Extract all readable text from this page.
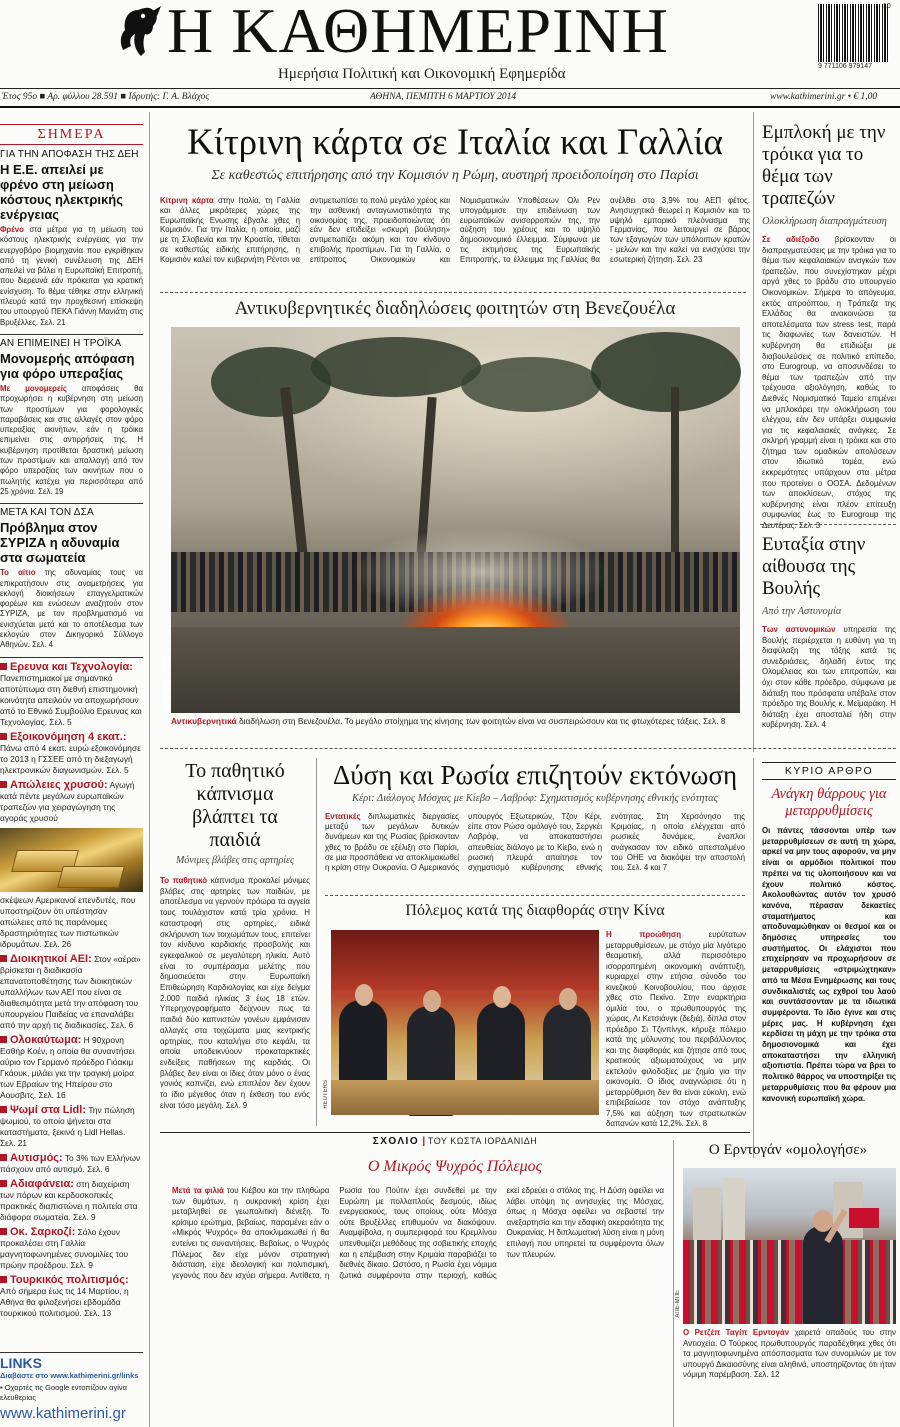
Η ΚΑΘΗΜΕΡΙΝΗ
Ημερήσια Πολιτική και Οικονομική Εφημερίδα	9 771106 979147
10
Έτος 95ο ■ Αρ. φύλλου 28.591 ■ Ιδρυτής: Γ. Α. Βλάχος	ΑΘΗΝΑ, ΠΕΜΠΤΗ 6 ΜΑΡΤΙΟΥ 2014	www.kathimerini.gr • € 1,00
ΣΗΜΕΡΑ
ΓΙΑ ΤΗΝ ΑΠΟΦΑΣΗ ΤΗΣ ΔΕΗ
Η Ε.Ε. απειλεί με φρένο στη μείωση κόστους ηλεκτρικής ενέργειας
Φρένο στα μέτρα για τη μείωση του κόστους ηλεκτρικής ενέργειας για την ενεργοβόρο βιομηχανία που εγκρίθηκαν από τη γενική συνέλευση της ΔΕΗ απειλεί να βάλει η Ευρωπαϊκή Επιτροπή, που διερευνά εάν πρόκειται για κρατική ενίσχυση. Το θέμα τέθηκε στην ελληνική πλευρά κατά την προχθεσινή επίσκεψη του υπουργού ΠΕΚΑ Γιάννη Μανιάτη στις Βρυξέλλες. Σελ. 21
ΑΝ ΕΠΙΜΕΙΝΕΙ Η ΤΡΟΪΚΑ
Μονομερής απόφαση για φόρο υπεραξίας
Με μονομερείς αποφάσεις θα προχωρήσει η κυβέρνηση στη μείωση των προστίμων για φορολογικές παραβάσεις και στις αλλαγές στον φόρο υπεραξίας ακινήτων, εάν η τρόικα επιμείνει στις αντιρρήσεις της. Η κυβέρνηση προτίθεται δραστική μείωση των προστίμων και απαλλαγή από τον φόρο υπεραξίας των ακινήτων που ο πωλητής κατέχει για περισσότερα από 25 χρόνια. Σελ. 19
ΜΕΤΑ ΚΑΙ ΤΟΝ ΔΣΑ
Πρόβλημα στον ΣΥΡΙΖΑ η αδυναμία στα σωματεία
Το αίτιο της αδυναμίας τους να επικρατήσουν στις αναμετρήσεις για εκλογή διοικήσεων επαγγελματικών φορέων και ενώσεων αναζητούν στον ΣΥΡΙΖΑ, με τον προβληματισμό να ενισχύεται μετά και το αποτέλεσμα των εκλογών στον Δικηγορικό Σύλλογο Αθηνών. Σελ. 4
Ερευνα και Τεχνολογία: Πανεπιστημιακοί με σημαντικό αποτύπωμα στη διεθνή επιστημονική κοινότητα απειλούν να αποχωρήσουν από το Εθνικό Συμβούλιο Ερευνας και Τεχνολογίας. Σελ. 5
Εξοικονόμηση 4 εκατ.: Πάνω από 4 εκατ. ευρώ εξοικονόμησε το 2013 η ΓΣΣΕΕ από τη διεξαγωγή ηλεκτρονικών διαγωνισμών. Σελ. 5
Απώλειες χρυσού: Αγωγή κατά πέντε μεγάλων ευρωπαϊκών τραπεζών για χειραγώγηση της αγοράς χρυσού
σκέψεων Αμερικανοί επενδυτές, που υποστηρίζουν ότι υπέστησαν απώλειες από τις παράνομες δραστηριότητες των πιστωτικών ιδρυμάτων. Σελ. 26
Διοικητικοί ΑΕΙ: Στον «αέρα» βρίσκεται η διαδικασία επανατοποθέτησης των διοικητικών υπαλλήλων των ΑΕΙ που είναι σε διαθεσιμότητα μετά την απόφαση του υπουργείου Παιδείας να επαναλάβει από την αρχή τις διαδικασίες. Σελ. 6
Ολοκαύτωμα: Η 90χρονη Εσθήρ Κοέν, η οποία θα συναντήσει αύριο τον Γερμανό πρόεδρο Γιόακιμ Γκάουκ, μιλάει για την τραγική μοίρα των Εβραίων της Ηπείρου στο Αουσβιτς. Σελ. 16
Ψωμί στα Lidl: Την πώληση ψωμιού, το οποίο ψήνεται στα καταστήματα, ξεκινά η Lidl Hellas. Σελ. 21
Αυτισμός: Το 3% των Ελλήνων πάσχουν από αυτισμό. Σελ. 6
Αδιαφάνεια: στη διαχείριση των πόρων και κερδοσκοπικές πρακτικές διαπιστώνει η πολιτεία στα διάφορα σωματεία. Σελ. 9
Οκ. Σαρκοζί: Σάλο έχουν προκαλέσει στη Γαλλία μαγνητοφωνημένες συνομιλίες του πρώην προέδρου. Σελ. 9
Τουρκικός πολιτισμός: Από σήμερα έως τις 14 Μαρτίου, η Αθήνα θα φιλοξενήσει εβδομάδα τουρκικού πολιτισμού. Σελ. 13
LINKS
Διαβάστε στο www.kathimerini.gr/links
• Οχαρτές τις Google εντοπίζουν αγίνα ελευθερίας
www.kathimerini.gr
Κίτρινη κάρτα σε Ιταλία και Γαλλία
Σε καθεστώς επιτήρησης από την Κομισιόν η Ρώμη, αυστηρή προειδοποίηση στο Παρίσι
Κίτρινη κάρτα στην Ιταλία, τη Γαλλία και άλλες μικρότερες χώρες της Ευρωπαϊκής Ενωσης έβγαλε χθες η Κομισιόν. Για την Ιταλία, η οποία, μαζί με τη Σλοβενία και την Κροατία, τίθεται σε καθεστώς ειδικής επιτήρησης, η Κομισιόν καλεί τον κυβερνήτη Ρέντσι να αντιμετωπίσει το πολύ μεγάλο χρέος και την ασθενική ανταγωνιστικότητα της οικονομίας της, προειδοποιώντας ότι εάν δεν επιδείξει «σκυρή βούληση» αντιμετωπίζει ακόμη και τον κίνδυνο επιβολής προστίμων. Για τη Γαλλία, ο επίτροπος Οικονομικών και Νομισματικών Υποθέσεων Ολι Ρεν υπογράμμισε την επιδείνωση των ευρωπαϊκών ανισορροπιών της, την αύξηση του χρέους και το υψηλό δημοσιονομικό έλλειμμα. Σύμφωνα με τις εκτιμήσεις της Ευρωπαϊκής Επιτροπής, το έλλειμμα της Γαλλίας θα ανέλθει στο 3,9% του ΑΕΠ φέτος. Ανησυχητικά θεωρεί η Κομισιόν και το υψηλό εμπορικό πλεόνασμα της Γερμανίας, που λειτουργεί σε βάρος των εξαγωγών των υπόλοιπων κρατών - μελών και την καλεί να ενισχύσει την εσωτερική ζήτηση. Σελ. 23
Αντικυβερνητικές διαδηλώσεις φοιτητών στη Βενεζουέλα
ASSOCIATED PRESS
Αντικυβερνητικά διαδήλωση στη Βενεζουέλα. Το μεγάλο στοίχημα της κίνησης των φοιτητών είναι να συσπειρώσουν και τις φτωχότερες τάξεις. Σελ. 8
Εμπλοκή με την τρόικα για το θέμα των τραπεζών
Ολοκλήρωση διαπραγμάτευση
Σε αδιέξοδο βρίσκονταν οι διαπραγματεύσεις με την τρόικα για το θέμα των κεφαλαιακών αναγκών των τραπεζών, που συνεχίστηκαν μέχρι αργά χθες το βράδυ στο υπουργείο Οικονομικών. Σήμερα το απόγευμα, εκτός απροόπτου, η Τράπεζα της Ελλάδος θα ανακοινώσει τα αποτελέσματα των stress test, παρά τις διαφωνίες των δανειστών. Η κυβέρνηση θα επιδιώξει με διαβουλεύσεις σε πολιτικό επίπεδο, στο Eurogroup, να αποσυνδέσει το θέμα των τραπεζών από την τρέχουσα αξιολόγηση, καθώς το Διεθνές Νομισματικό Ταμείο επιμένει να μπλοκάρει την ολοκλήρωση του ελέγχου, εάν δεν υπάρξει συμφωνία για τις κεφαλαιακές ανάγκες. Σε σκληρή γραμμή είναι η τρόικα και στο ζήτημα των ομαδικών απολύσεων στον ιδιωτικό τομέα, ενώ εκκρεμότητες υπάρχουν στα μέτρα που προτείνει ο ΟΟΣΑ. Δεδομένων των αποκλίσεων, στόχος της κυβέρνησης είναι πλέον επίτευξη συμφωνίας έως το Eurogroup της Δευτέρας. Σελ. 3
Ευταξία στην αίθουσα της Βουλής
Από την Αστυνομία
Των αστυνομικών υπηρεσία της Βουλής περιέρχεται η ευθύνη για τη διαφύλαξη της τάξης κατά τις συνεδριάσεις, δηλαδή έντος της Ολομέλειας και των επιτροπών, και όχι στον κάθε πρόεδρο, σύμφωνα με διάταξη που πρόσφατα υπέβαλε στον πρόεδρο της Βουλής κ. Μεϊμαράκη. Η διάταξη έχει αποσταλεί ήδη στην κυβέρνηση. Σελ. 4
Το παθητικό κάπνισμα βλάπτει τα παιδιά
Μόνιμες βλάβες στις αρτηρίες
Το παθητικό κάπνισμα προκαλεί μόνιμες βλάβες στις αρτηρίες των παιδιών, με αποτέλεσμα να γερνούν πρόωρα τα αγγεία τους τουλάχιστον κατά τρία χρόνια. Η καταστροφή στις αρτηρίες, ειδικά σκλήρυνση των τοιχωμάτων τους, επιτείνει τον κίνδυνο καρδιακής προσβολής και εγκεφαλικού σε μεγαλύτερη ηλικία. Αυτό είναι το συμπέρασμα μελέτης που δημοσιεύεται στην Ευρωπαϊκή Επιθεώρηση Καρδιολογίας και είχε δείγμα 2.000 παιδιά ηλικίας 3 έως 18 ετών. Υπερηχογραφήματα δείχνουν πως τα παιδιά δύο καπνιστών γονέων εμφάνισαν αλλαγές στα τοιχώματα μιας κεντρικής αρτηρίας, που καταλήγει στο κεφάλι, τα οποία υποδεικνύουν προκαταρκτικές ενδείξεις παθήσεων της καρδιάς. Οι βλάβες δεν είναι οι ίδιες όταν μόνο ο ένας γονιός καπνίζει, ενώ επιπλέον δεν έχουν το ίδιο μέγεθος όταν η έκθεση του ενός είναι τόσο μεγάλη. Σελ. 9
Δύση και Ρωσία επιζητούν εκτόνωση
Κέρι: Διάλογος Μόσχας με Κίεβο – Λαβρόφ: Σχηματισμός κυβέρνησης εθνικής ενότητας
Εντατικές διπλωματικές διεργασίες μεταξύ των μεγάλων δυτικών δυνάμεων και της Ρωσίας βρίσκονταν χθες το βράδυ σε εξέλιξη στο Παρίσι, σε μια προσπάθεια να αποκλιμακωθεί η κρίση στην Ουκρανία. Ο Αμερικανός υπουργός Εξωτερικών, Τζον Κέρι, είπε στον Ρώσο ομόλογό του, Σεργκέι Λαβρόφ, να αποκαταστήσει απευθείας διάλογο με το Κίεβο, ενώ η ρωσική πλευρά απαίτησε τον σχηματισμό κυβέρνησης εθνικής ενότητας. Στη Χερσόνησο της Κριμαίας, η οποία ελέγχεται από ρωσικές δυνάμεις, ένοπλοι ανάγκασαν τον ειδικό απεσταλμένο του ΟΗΕ να διακόψει την αποστολή του. Σελ. 4 και 7
Πόλεμος κατά της διαφθοράς στην Κίνα
REUTERS
Η προώθηση	ευρύτατων μεταρρυθμίσεων, με στόχο μία λιγότερο θεαματική, αλλά περισσότερο ισορροπημένη οικονομική ανάπτυξη, κυριαρχεί στην ετήσια σύνοδο του κινεζικού Κοινοβουλίου, που άρχισε χθες στο Πεκίνο. Στην εναρκτήρια ομιλία του, ο πρωθυπουργός της χώρας, Λι Κετσιάνγκ (δεξιά), δίπλα στον πρόεδρο Σι Τζινπίνγκ, κήρυξε πόλεμο κατά της μόλυνσης του περιβάλλοντος και της διαφθοράς και ζήτησε από τους κρατικούς αξιωματούχους να μην εκτελούν φιλοδοξίες με ζημία για την οικονομία. Ο ίδιος αναγνώρισε ότι η μεταρρύθμιση δεν θα είναι εύκολη, ενώ επιβεβαίωσε τον στόχο ανάπτυξης 7,5% και αύξηση των στρατιωτικών δαπανών κατά 12,2%. Σελ. 8
ΚΥΡΙΟ ΑΡΘΡΟ
Ανάγκη θάρρους για μεταρρυθμίσεις
Οι πάντες τάσσονται υπέρ των μεταρρυθμίσεων σε αυτή τη χώρα, αρκεί να μην τους αφορούν, να μην είναι οι αρμόδιοι πολιτικοί που πρέπει να τις υλοποιήσουν και να έχουν πολιτικό κόστος. Ακολουθώντας αυτόν τον χρυσό κανόνα, πέρασαν δεκαετίες σταματήματος και αποδυναμώθηκαν οι θεσμοί και οι δημόσιες υπηρεσίες του συστήματος. Οι ελάχιστοι που επιχείρησαν να προχωρήσουν σε μεταρρυθμίσεις «στριμώχτηκαν» από τα Μέσα Ενημέρωσης και τους συνδικαλιστές ως εχθροί του λαού και συντάσσονταν με τα ιδιωτικά συμφέροντα. Το ίδιο έγινε και στις μέρες μας. Η κυβέρνηση έχει κερδίσει τη μάχη με την τρόικα στα δημοσιονομικά και έχει αποκαταστήσει την ελληνική αξιοπιστία. Πρέπει τώρα να βρει το πολιτικό θάρρος να υποστηρίξει τις μεταρρυθμίσεις που θα φέρουν μια κανονική ευρωπαϊκή χώρα.
ΣΧΟΛΙΟ | ΤΟΥ ΚΩΣΤΑ ΙΟΡΔΑΝΙΔΗ
Ο Μικρός Ψυχρός Πόλεμος
Μετά τα φιλιά του Κιέβου και την πληθώρα των θυμάτων, η ουκρανική κρίση έχει μεταβληθεί σε γεωπολιτική διένεξη. Το κρίσιμο ερώτημα, βεβαίως, παραμένει εάν ο «Μικρός Ψυχρός» θα αποκλιμακωθεί ή θα εντείνει τις συναντήσεις. Βεβαίως, ο Ψυχρός Πόλεμος δεν είχε μόνον στρατηγική διάσταση, είχε ιδεολογική και πολιτισμική, γεγονός που δεν ισχύει σήμερα. Αντίθετα, η Ρωσία του Πούτιν έχει συνδεθεί με την Ευρώπη με πολλαπλούς δεσμούς, ιδίως ενεργειακούς, τους οποίους ούτε Μόσχα ούτε Βρυξέλλες επιθυμούν να διακόψουν. Αναμφίβολα, η συμπεριφορά του Κρεμλίνου υπενθυμίζει μεθόδους της σοβιετικής εποχής και η επέμβαση στην Κριμαία παραβιάζει το διεθνές δίκαιο. Ωστόσο, η Ρωσία έχει νόμιμα ζωτικά συμφέροντα στην περιοχή, καθώς εκεί εδρεύει ο στόλος της. Η Δύση οφείλει να λάβει υπόψη τις ανησυχίες της Μόσχας, όπως η Μόσχα οφείλει να σεβαστεί την ανεξαρτησία και την εδαφική ακεραιότητα της Ουκρανίας. Η διπλωματική λύση είναι η μόνη επιλογή που υπηρετεί τα συμφέροντα όλων των πλευρών.
Ο Ερντογάν «ομολογήσε»
ΑΠΕ-ΜΠΕ
Ο Ρετζέπ Ταγίπ Ερντογάν χαιρετά οπαδούς του στην Αντιοχεία. Ο Τούρκος πρωθυπουργός παραδέχθηκε χθες ότι τα μαγνητοφωνημένα απόσπασματα των συνομιλιών με τον υπουργό Δικαιοσύνης είναι αληθινά, υποστηρίζοντας ότι ήταν νόμιμη παρέμβαση. Σελ. 12
